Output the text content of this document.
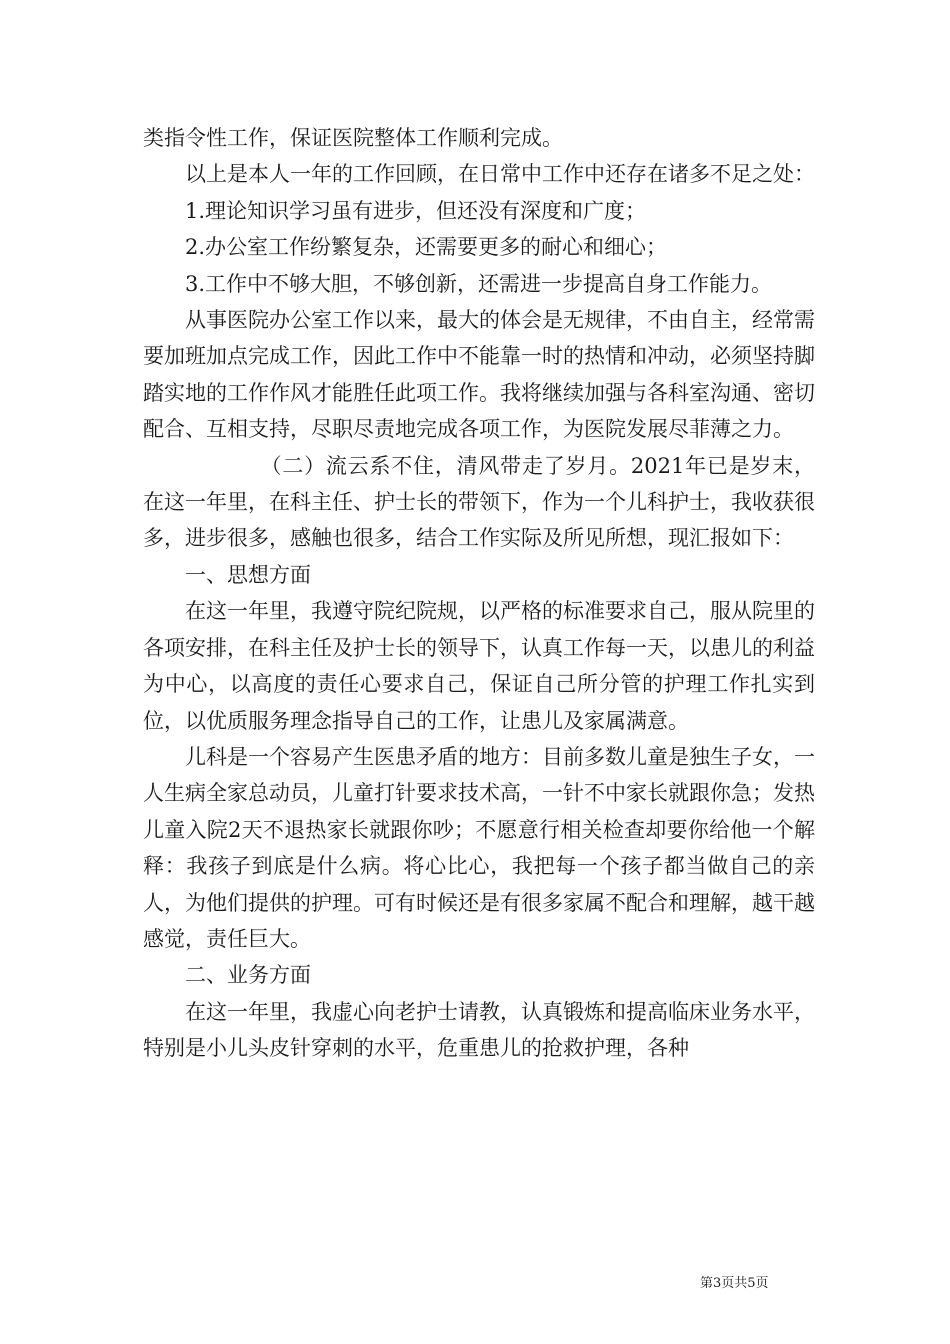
类指令性工作，保证医院整体工作顺利完成。

以上是本人一年的工作回顾，在日常中工作中还存在诸多不足之处：

1.理论知识学习虽有进步，但还没有深度和广度；

2.办公室工作纷繁复杂，还需要更多的耐心和细心；

3.工作中不够大胆，不够创新，还需进一步提高自身工作能力。

从事医院办公室工作以来，最大的体会是无规律，不由自主，经常需要加班加点完成工作，因此工作中不能靠一时的热情和冲动，必须坚持脚踏实地的工作作风才能胜任此项工作。我将继续加强与各科室沟通、密切配合、互相支持，尽职尽责地完成各项工作，为医院发展尽菲薄之力。

（二）流云系不住，清风带走了岁月。2021年已是岁末，在这一年里，在科主任、护士长的带领下，作为一个儿科护士，我收获很多，进步很多，感触也很多，结合工作实际及所见所想，现汇报如下：

一、思想方面

在这一年里，我遵守院纪院规，以严格的标准要求自己，服从院里的各项安排，在科主任及护士长的领导下，认真工作每一天，以患儿的利益为中心，以高度的责任心要求自己，保证自己所分管的护理工作扎实到位，以优质服务理念指导自己的工作，让患儿及家属满意。

儿科是一个容易产生医患矛盾的地方：目前多数儿童是独生子女，一人生病全家总动员，儿童打针要求技术高，一针不中家长就跟你急；发热儿童入院2天不退热家长就跟你吵；不愿意行相关检查却要你给他一个解释：我孩子到底是什么病。将心比心，我把每一个孩子都当做自己的亲人，为他们提供的护理。可有时候还是有很多家属不配合和理解，越干越感觉，责任巨大。

二、业务方面

在这一年里，我虚心向老护士请教，认真锻炼和提高临床业务水平，特别是小儿头皮针穿刺的水平，危重患儿的抢救护理，各种

第3页共5页
